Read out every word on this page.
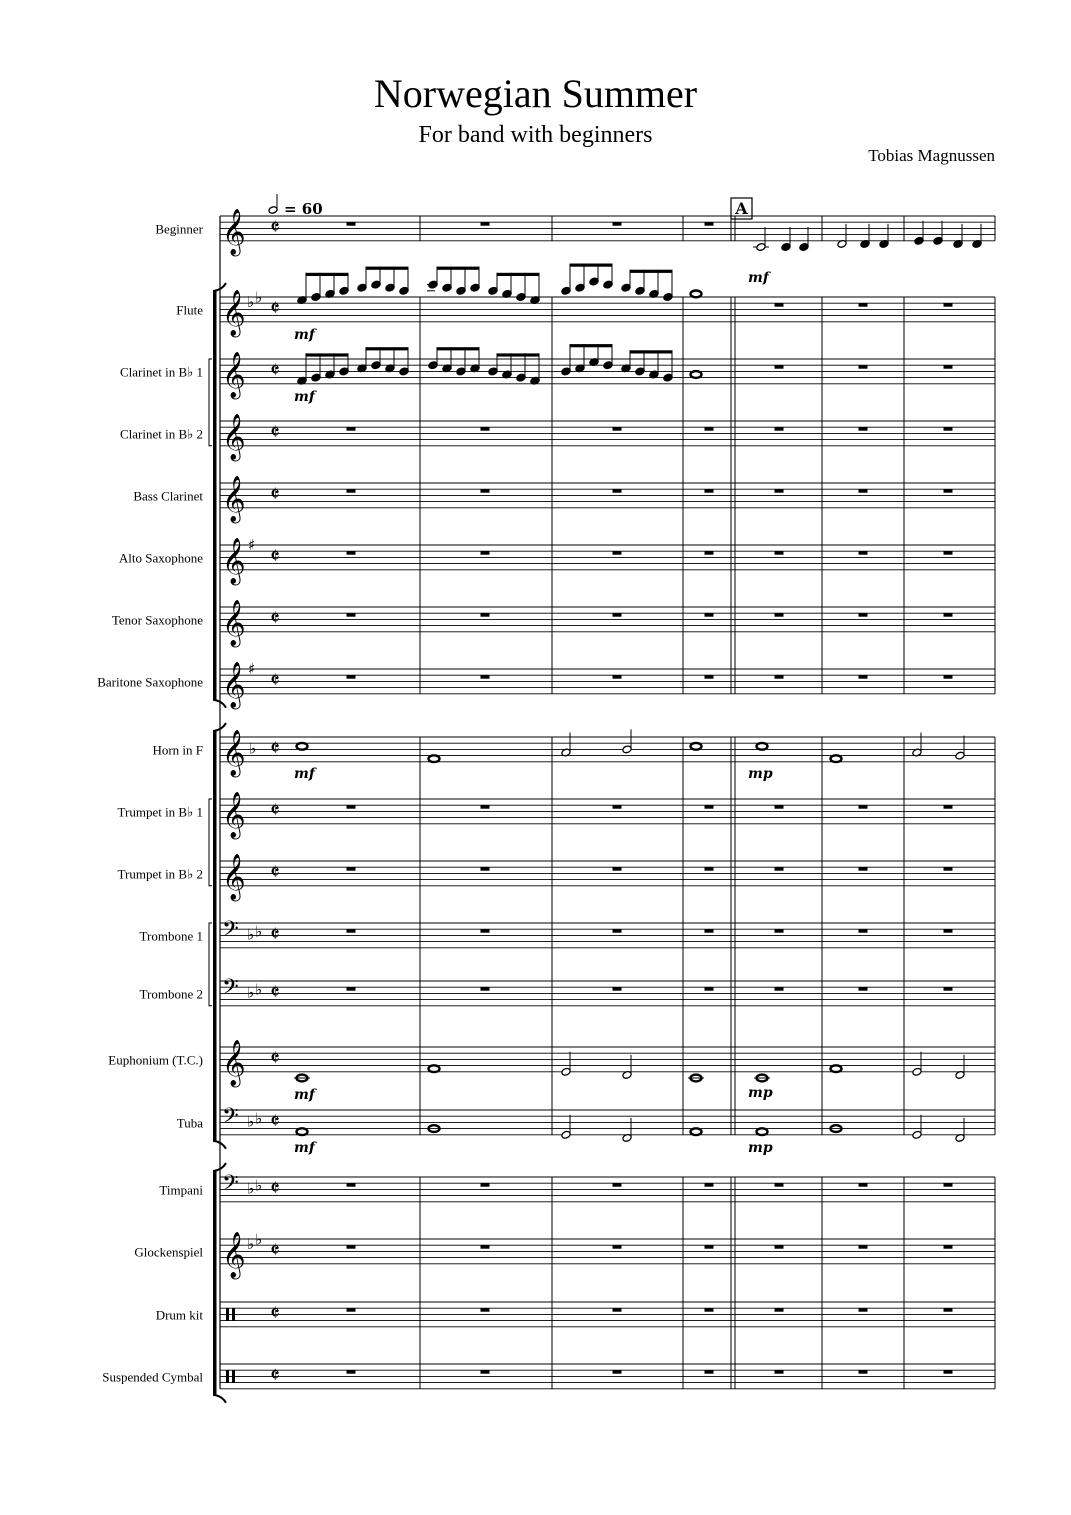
Norwegian Summer
For band with beginners
Tobias Magnussen
Beginner 𝄞 𝄵
Flute 𝄞 ♭ ♭ 𝄵
Clarinet in B♭ 1 𝄞 𝄵
Clarinet in B♭ 2 𝄞 𝄵
Bass Clarinet 𝄞 𝄵
Alto Saxophone 𝄞 ♯ 𝄵
Tenor Saxophone 𝄞 𝄵
Baritone Saxophone 𝄞 ♯ 𝄵
Horn in F 𝄞 ♭ 𝄵
Trumpet in B♭ 1 𝄞 𝄵
Trumpet in B♭ 2 𝄞 𝄵
Trombone 1 𝄢 ♭ ♭ 𝄵
Trombone 2 𝄢 ♭ ♭ 𝄵
Euphonium (T.C.) 𝄞 𝄵
Tuba 𝄢 ♭ ♭ 𝄵
Timpani 𝄢 ♭ ♭ 𝄵
Glockenspiel 𝄞 ♭ ♭ 𝄵
Drum kit	𝄵
Suspended Cymbal	𝄵
= 60	A
mf
mf
mf
mf	mp
mf	mp
mf	mp
